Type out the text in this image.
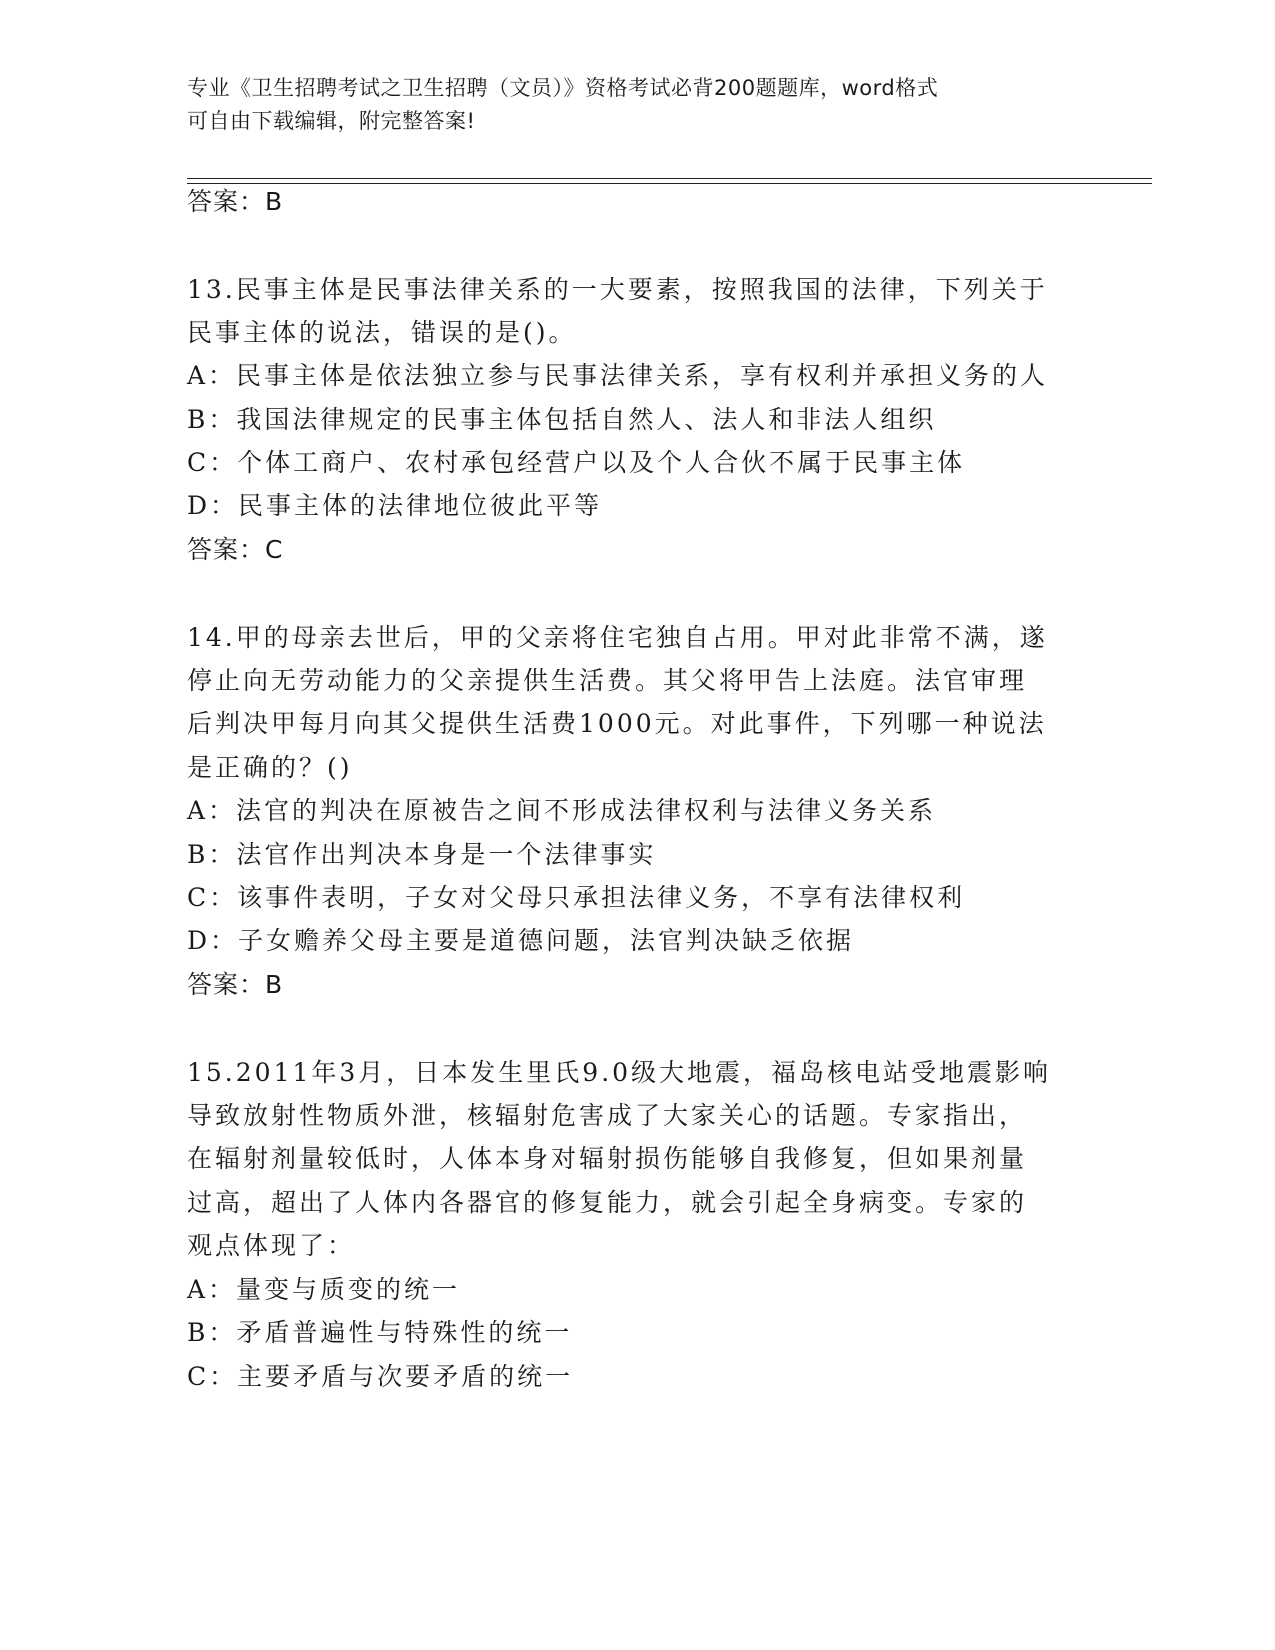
专业《卫生招聘考试之卫生招聘（文员）》资格考试必背200题题库，word格式
可自由下载编辑，附完整答案!
答案：B
13.民事主体是民事法律关系的一大要素，按照我国的法律，下列关于
民事主体的说法，错误的是()。
A：民事主体是依法独立参与民事法律关系，享有权利并承担义务的人
B：我国法律规定的民事主体包括自然人、法人和非法人组织
C：个体工商户、农村承包经营户以及个人合伙不属于民事主体
D：民事主体的法律地位彼此平等
答案：C
14.甲的母亲去世后，甲的父亲将住宅独自占用。甲对此非常不满，遂
停止向无劳动能力的父亲提供生活费。其父将甲告上法庭。法官审理
后判决甲每月向其父提供生活费1000元。对此事件，下列哪一种说法
是正确的？()
A：法官的判决在原被告之间不形成法律权利与法律义务关系
B：法官作出判决本身是一个法律事实
C：该事件表明，子女对父母只承担法律义务，不享有法律权利
D：子女赡养父母主要是道德问题，法官判决缺乏依据
答案：B
15.2011年3月，日本发生里氏9.0级大地震，福岛核电站受地震影响
导致放射性物质外泄，核辐射危害成了大家关心的话题。专家指出，
在辐射剂量较低时，人体本身对辐射损伤能够自我修复，但如果剂量
过高，超出了人体内各器官的修复能力，就会引起全身病变。专家的
观点体现了：
A：量变与质变的统一
B：矛盾普遍性与特殊性的统一
C：主要矛盾与次要矛盾的统一
